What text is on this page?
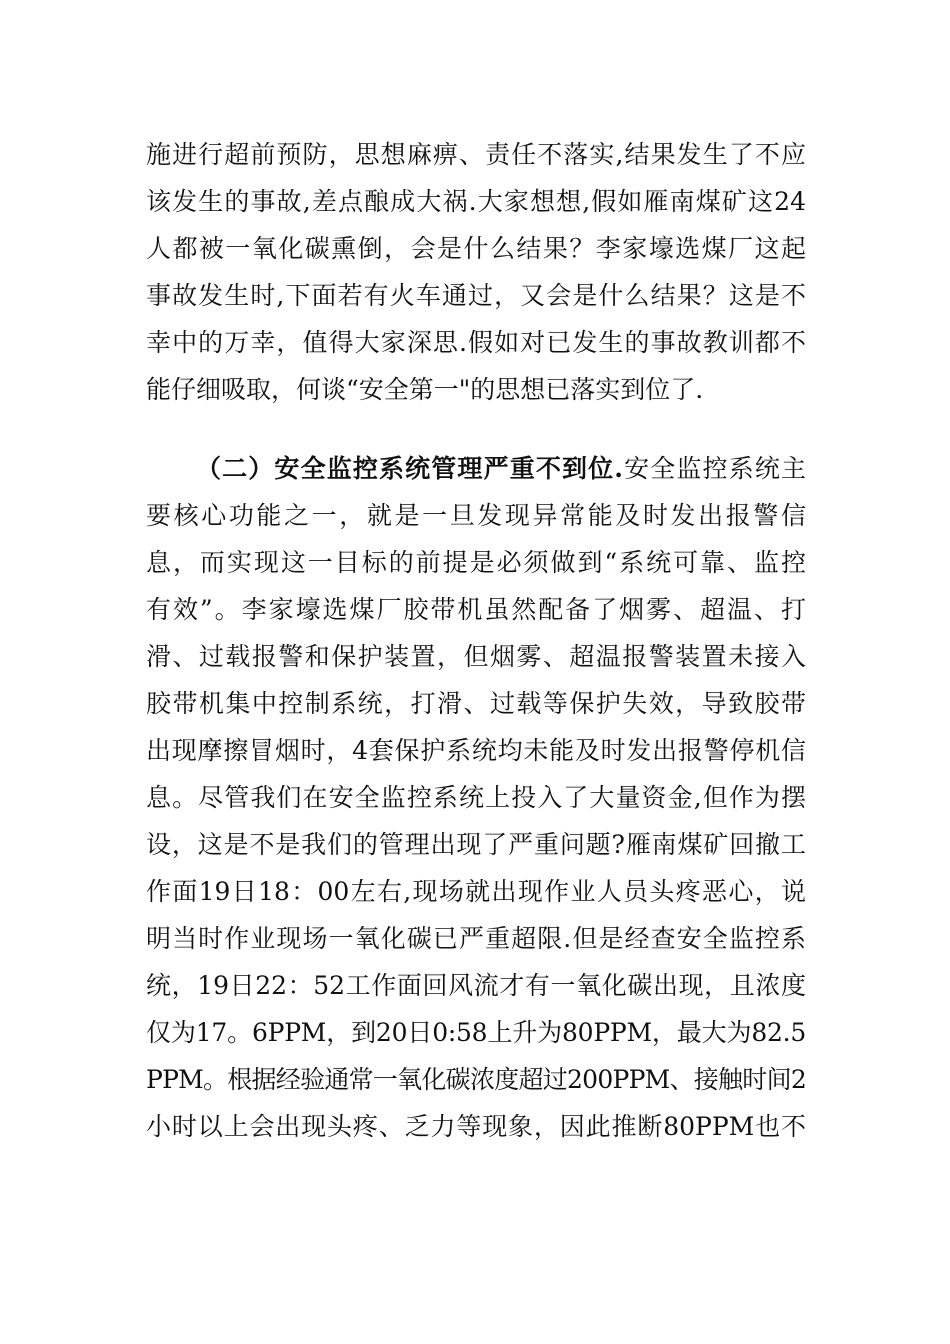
施进行超前预防，思想麻痹、责任不落实,结果发生了不应
该发生的事故,差点酿成大祸.大家想想,假如雁南煤矿这24
人都被一氧化碳熏倒，会是什么结果？李家壕选煤厂这起
事故发生时,下面若有火车通过，又会是什么结果？这是不
幸中的万幸，值得大家深思.假如对已发生的事故教训都不
能仔细吸取，何谈“安全第一"的思想已落实到位了.
（二）安全监控系统管理严重不到位.安全监控系统主
要核心功能之一，就是一旦发现异常能及时发出报警信
息，而实现这一目标的前提是必须做到“系统可靠、监控
有效”。李家壕选煤厂胶带机虽然配备了烟雾、超温、打
滑、过载报警和保护装置，但烟雾、超温报警装置未接入
胶带机集中控制系统，打滑、过载等保护失效，导致胶带
出现摩擦冒烟时，4套保护系统均未能及时发出报警停机信
息。尽管我们在安全监控系统上投入了大量资金,但作为摆
设，这是不是我们的管理出现了严重问题?雁南煤矿回撤工
作面19日18：00左右,现场就出现作业人员头疼恶心，说
明当时作业现场一氧化碳已严重超限.但是经查安全监控系
统，19日22：52工作面回风流才有一氧化碳出现，且浓度
仅为17。6PPM，到20日0:58上升为80PPM，最大为82.5
PPM。根据经验通常一氧化碳浓度超过200PPM、接触时间2
小时以上会出现头疼、乏力等现象，因此推断80PPM也不
